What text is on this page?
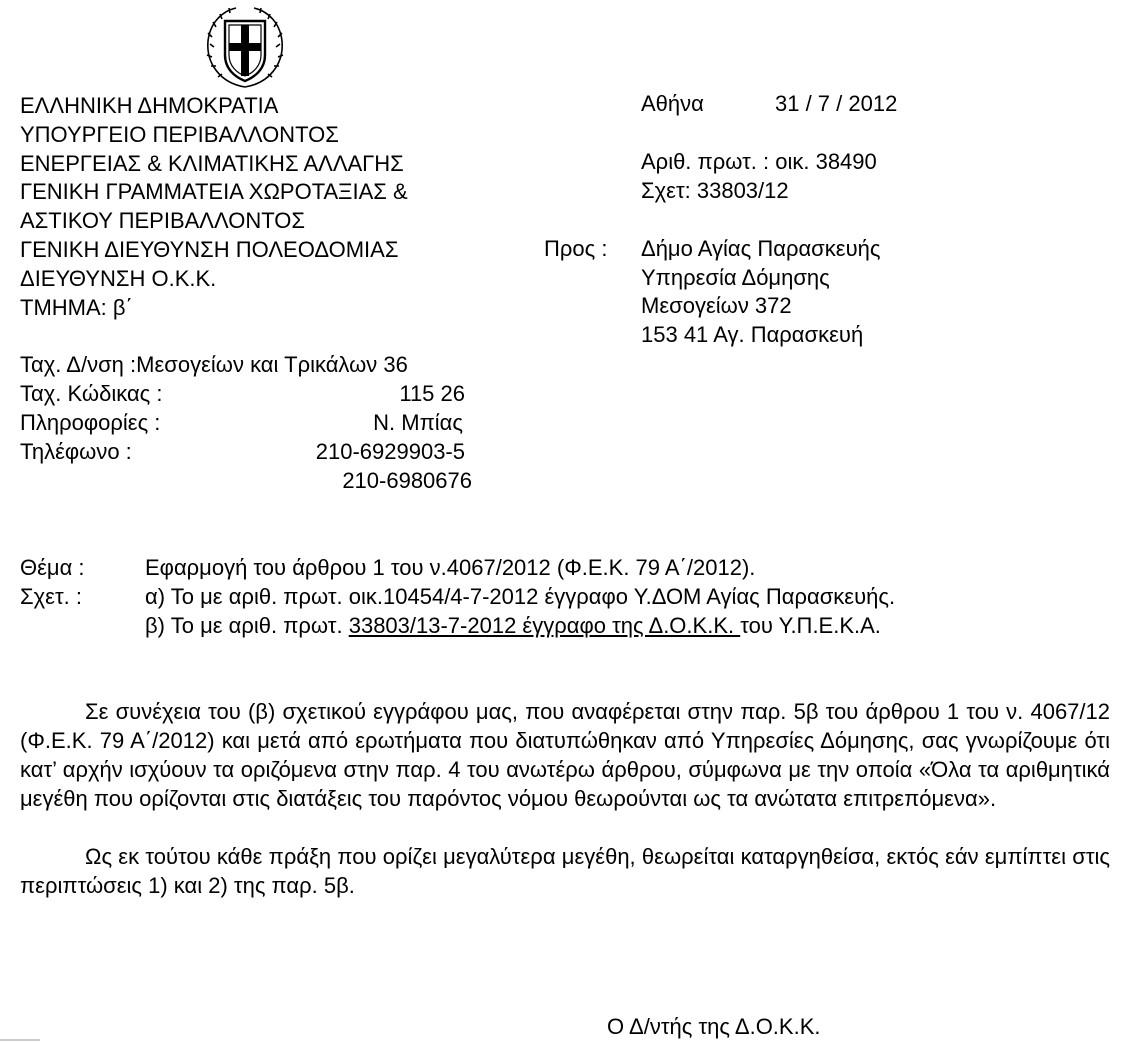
ΕΛΛΗΝΙΚΗ ΔΗΜΟΚΡΑΤΙΑ
ΥΠΟΥΡΓΕΙΟ ΠΕΡΙΒΑΛΛΟΝΤΟΣ
ΕΝΕΡΓΕΙΑΣ & ΚΛΙΜΑΤΙΚΗΣ ΑΛΛΑΓΗΣ
ΓΕΝΙΚΗ ΓΡΑΜΜΑΤΕΙΑ ΧΩΡΟΤΑΞΙΑΣ &
ΑΣΤΙΚΟΥ ΠΕΡΙΒΑΛΛΟΝΤΟΣ
ΓΕΝΙΚΗ ΔΙΕΥΘΥΝΣΗ ΠΟΛΕΟΔΟΜΙΑΣ
ΔΙΕΥΘΥΝΣΗ Ο.Κ.Κ.
ΤΜΗΜΑ: β΄
Ταχ. Δ/νση :Μεσογείων και Τρικάλων 36
Ταχ. Κώδικας :	115 26
Πληροφορίες :	Ν. Μπίας
Τηλέφωνο :	210-6929903-5
210-6980676
Αθήνα	31 / 7 / 2012
Αριθ. πρωτ. : οικ. 38490
Σχετ: 33803/12
Προς : Δήμο Αγίας Παρασκευής
Υπηρεσία Δόμησης
Μεσογείων 372
153 41 Αγ. Παρασκευή
Θέμα :	Εφαρμογή του άρθρου 1 του ν.4067/2012 (Φ.Ε.Κ. 79 Α΄/2012).
Σχετ. :	α) Το με αριθ. πρωτ. οικ.10454/4-7-2012 έγγραφο Υ.ΔΟΜ Αγίας Παρασκευής.
β) Το με αριθ. πρωτ. 33803/13-7-2012 έγγραφο της Δ.Ο.Κ.Κ. του Υ.Π.Ε.Κ.Α.
Σε συνέχεια του (β) σχετικού εγγράφου μας, που αναφέρεται στην παρ. 5β του άρθρου 1 του ν. 4067/12 (Φ.Ε.Κ. 79 Α΄/2012) και μετά από ερωτήματα που διατυπώθηκαν από Υπηρεσίες Δόμησης, σας γνωρίζουμε ότι κατ’ αρχήν ισχύουν τα οριζόμενα στην παρ. 4 του ανωτέρω άρθρου, σύμφωνα με την οποία «Όλα τα αριθμητικά μεγέθη που ορίζονται στις διατάξεις του παρόντος νόμου θεωρούνται ως τα ανώτατα επιτρεπόμενα».
Ως εκ τούτου κάθε πράξη που ορίζει μεγαλύτερα μεγέθη, θεωρείται καταργηθείσα, εκτός εάν εμπίπτει στις περιπτώσεις 1) και 2) της παρ. 5β.
Ο Δ/ντής της Δ.Ο.Κ.Κ.
